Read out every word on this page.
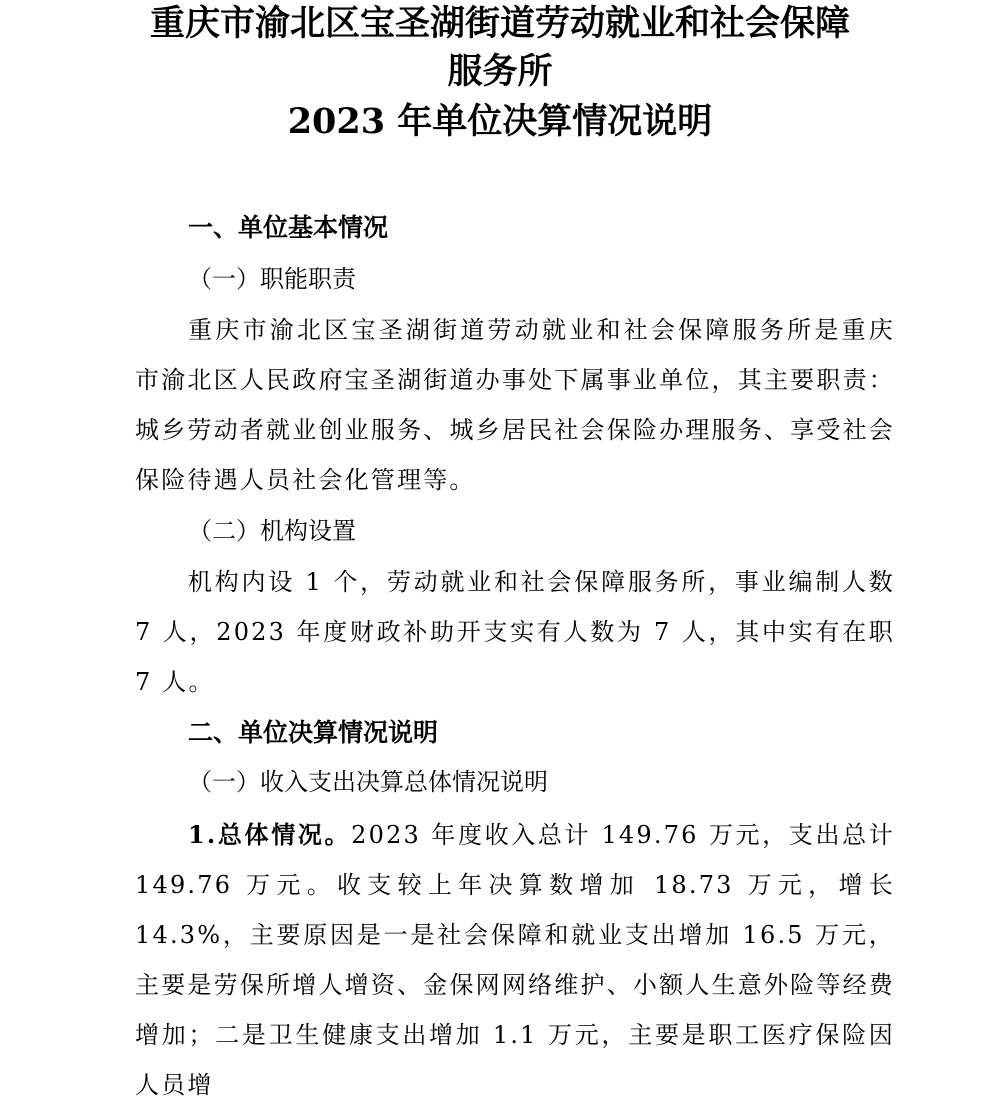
重庆市渝北区宝圣湖街道劳动就业和社会保障
服务所
2023 年单位决算情况说明
一、单位基本情况
（一）职能职责
重庆市渝北区宝圣湖街道劳动就业和社会保障服务所是重庆市渝北区人民政府宝圣湖街道办事处下属事业单位，其主要职责：城乡劳动者就业创业服务、城乡居民社会保险办理服务、享受社会保险待遇人员社会化管理等。
（二）机构设置
机构内设 1 个，劳动就业和社会保障服务所，事业编制人数 7 人，2023 年度财政补助开支实有人数为 7 人，其中实有在职 7 人。
二、单位决算情况说明
（一）收入支出决算总体情况说明
1.总体情况。2023 年度收入总计 149.76 万元，支出总计 149.76 万元。收支较上年决算数增加 18.73 万元，增长 14.3%，主要原因是一是社会保障和就业支出增加 16.5 万元，主要是劳保所增人增资、金保网网络维护、小额人生意外险等经费增加；二是卫生健康支出增加 1.1 万元，主要是职工医疗保险因人员增
